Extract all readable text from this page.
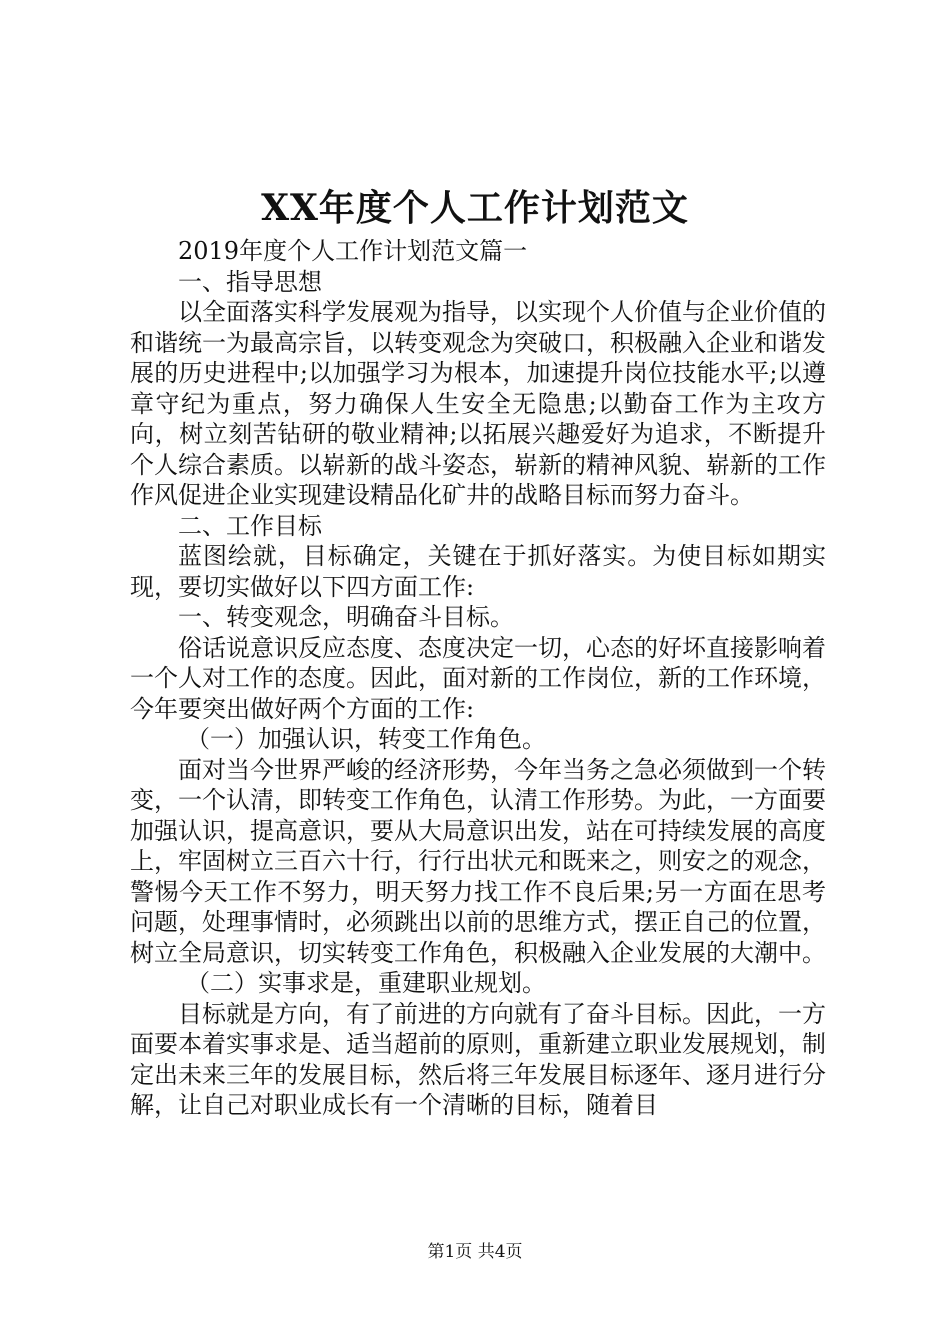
XX年度个人工作计划范文

2019年度个人工作计划范文篇一

一、指导思想

以全面落实科学发展观为指导，以实现个人价值与企业价值的和谐统一为最高宗旨，以转变观念为突破口，积极融入企业和谐发展的历史进程中;以加强学习为根本，加速提升岗位技能水平;以遵章守纪为重点，努力确保人生安全无隐患;以勤奋工作为主攻方向，树立刻苦钻研的敬业精神;以拓展兴趣爱好为追求，不断提升个人综合素质。以崭新的战斗姿态，崭新的精神风貌、崭新的工作作风促进企业实现建设精品化矿井的战略目标而努力奋斗。

二、工作目标

蓝图绘就，目标确定，关键在于抓好落实。为使目标如期实现，要切实做好以下四方面工作:

一、转变观念，明确奋斗目标。

俗话说意识反应态度、态度决定一切，心态的好坏直接影响着一个人对工作的态度。因此，面对新的工作岗位，新的工作环境，今年要突出做好两个方面的工作:

（一）加强认识，转变工作角色。

面对当今世界严峻的经济形势，今年当务之急必须做到一个转变，一个认清，即转变工作角色，认清工作形势。为此，一方面要加强认识，提高意识，要从大局意识出发，站在可持续发展的高度上，牢固树立三百六十行，行行出状元和既来之，则安之的观念，警惕今天工作不努力，明天努力找工作不良后果;另一方面在思考问题，处理事情时，必须跳出以前的思维方式，摆正自己的位置，树立全局意识，切实转变工作角色，积极融入企业发展的大潮中。

（二）实事求是，重建职业规划。

目标就是方向，有了前进的方向就有了奋斗目标。因此，一方面要本着实事求是、适当超前的原则，重新建立职业发展规划，制定出未来三年的发展目标，然后将三年发展目标逐年、逐月进行分解，让自己对职业成长有一个清晰的目标，随着目

第1页 共4页
